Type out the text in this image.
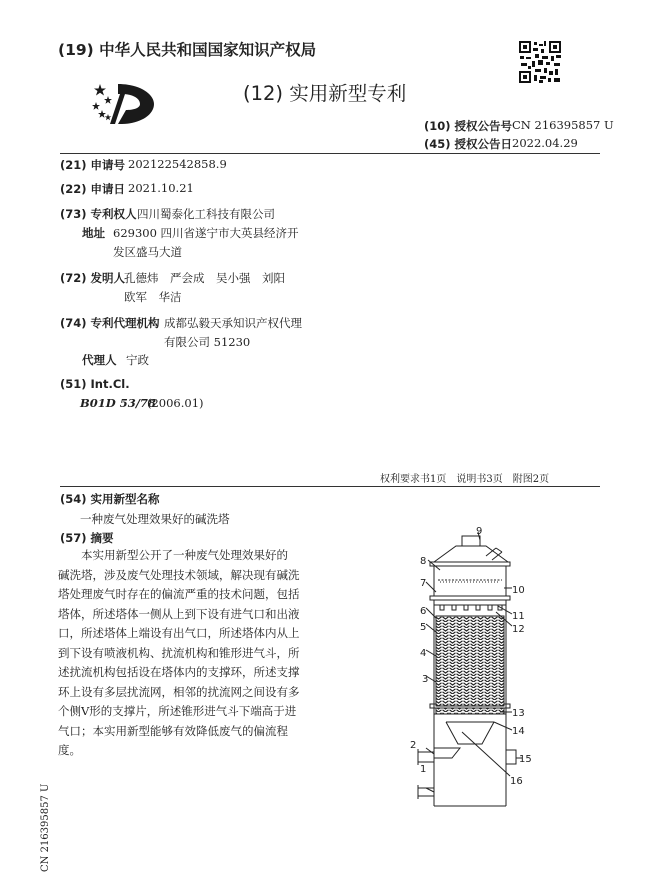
(19) 中华人民共和国国家知识产权局
(12) 实用新型专利
(10) 授权公告号 CN 216395857 U
(45) 授权公告日 2022.04.29
(21) 申请号 202122542858.9
(22) 申请日 2021.10.21
(73) 专利权人 四川蜀泰化工科技有限公司
地址 629300 四川省遂宁市大英县经济开
发区盛马大道
(72) 发明人
孔德炜　严会成　吴小强　刘阳
欧军　华洁
(74) 专利代理机构 成都弘毅天承知识产权代理
有限公司 51230
代理人 宁政
(51) Int.Cl.
B01D 53/78
(2006.01)
权利要求书1页　说明书3页　附图2页
(54) 实用新型名称
一种废气处理效果好的碱洗塔
(57) 摘要

　　本实用新型公开了一种废气处理效果好的

碱洗塔，涉及废气处理技术领域，解决现有碱洗

塔处理废气时存在的偏流严重的技术问题，包括

塔体，所述塔体一侧从上到下设有进气口和出液

口，所述塔体上端设有出气口，所述塔体内从上

到下设有喷液机构、扰流机构和锥形进气斗，所

述扰流机构包括设在塔体内的支撑环，所述支撑

环上设有多层扰流网，相邻的扰流网之间设有多

个侧V形的支撑片，所述锥形进气斗下端高于进

气口；本实用新型能够有效降低废气的偏流程

度。

CN 216395857 U
1
2
3
4
5
6
7
8
9
10
11
12
13
14
15
16
